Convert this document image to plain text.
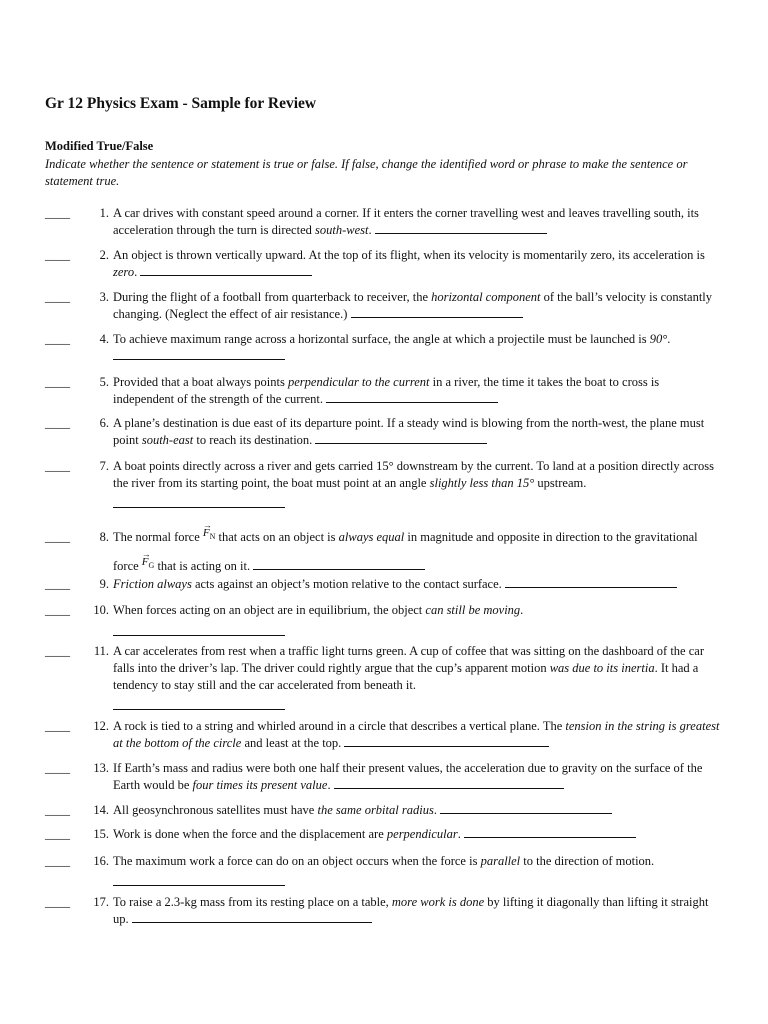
Gr 12 Physics Exam - Sample for Review
Modified True/False
Indicate whether the sentence or statement is true or false. If false, change the identified word or phrase to make the sentence or statement true.
____	1. A car drives with constant speed around a corner. If it enters the corner travelling west and leaves travelling south, its acceleration through the turn is directed south-west.
____	2. An object is thrown vertically upward. At the top of its flight, when its velocity is momentarily zero, its acceleration is zero.
____	3. During the flight of a football from quarterback to receiver, the horizontal component of the ball’s velocity is constantly changing. (Neglect the effect of air resistance.)
____	4. To achieve maximum range across a horizontal surface, the angle at which a projectile must be launched is 90°.
____	5. Provided that a boat always points perpendicular to the current in a river, the time it takes the boat to cross is independent of the strength of the current.
____	6. A plane’s destination is due east of its departure point. If a steady wind is blowing from the north-west, the plane must point south-east to reach its destination.
____	7. A boat points directly across a river and gets carried 15° downstream by the current. To land at a position directly across the river from its starting point, the boat must point at an angle slightly less than 15° upstream.

____	8. The normal force
→
$F_N$ that acts on an object is always equal in magnitude and opposite in direction to the gravitational force
→
$F_G$ that is acting on it.
____	9. Friction always acts against an object’s motion relative to the contact surface.
____	10. When forces acting on an object are in equilibrium, the object can still be moving.

____	11. A car accelerates from rest when a traffic light turns green. A cup of coffee that was sitting on the dashboard of the car falls into the driver’s lap. The driver could rightly argue that the cup’s apparent motion was due to its inertia. It had a tendency to stay still and the car accelerated from beneath it.

____	12. A rock is tied to a string and whirled around in a circle that describes a vertical plane. The tension in the string is greatest at the bottom of the circle and least at the top.
____	13. If Earth’s mass and radius were both one half their present values, the acceleration due to gravity on the surface of the Earth would be four times its present value.
____	14. All geosynchronous satellites must have the same orbital radius.
____	15. Work is done when the force and the displacement are perpendicular.
____	16. The maximum work a force can do on an object occurs when the force is parallel to the direction of motion.

____	17. To raise a 2.3-kg mass from its resting place on a table, more work is done by lifting it diagonally than lifting it straight up.
